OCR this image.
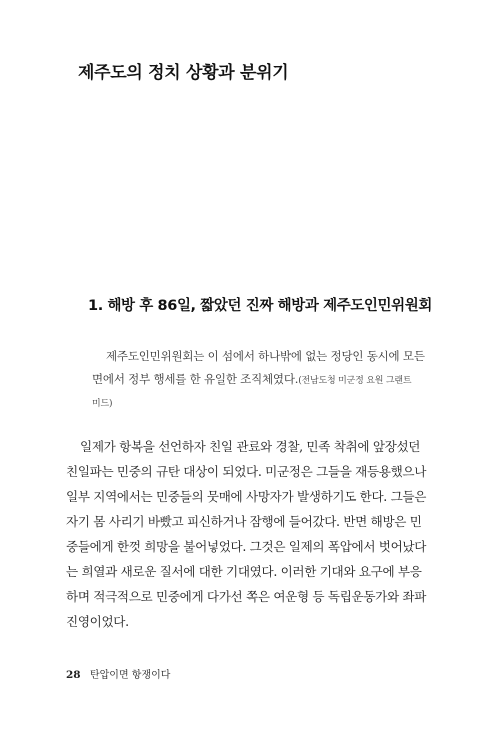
제주도의 정치 상황과 분위기
1. 해방 후 86일, 짧았던 진짜 해방과 제주도인민위원회
제주도인민위원회는 이 섬에서 하나밖에 없는 정당인 동시에 모든
면에서 정부 행세를 한 유일한 조직체였다.(전남도청 미군정 요원 그랜트
미드)
일제가 항복을 선언하자 친일 관료와 경찰, 민족 착취에 앞장섰던
친일파는 민중의 규탄 대상이 되었다. 미군정은 그들을 재등용했으나
일부 지역에서는 민중들의 뭇매에 사망자가 발생하기도 한다. 그들은
자기 몸 사리기 바빴고 피신하거나 잠행에 들어갔다. 반면 해방은 민
중들에게 한껏 희망을 불어넣었다. 그것은 일제의 폭압에서 벗어났다
는 희열과 새로운 질서에 대한 기대였다. 이러한 기대와 요구에 부응
하며 적극적으로 민중에게 다가선 쪽은 여운형 등 독립운동가와 좌파
진영이었다.
28 탄압이면 항쟁이다
